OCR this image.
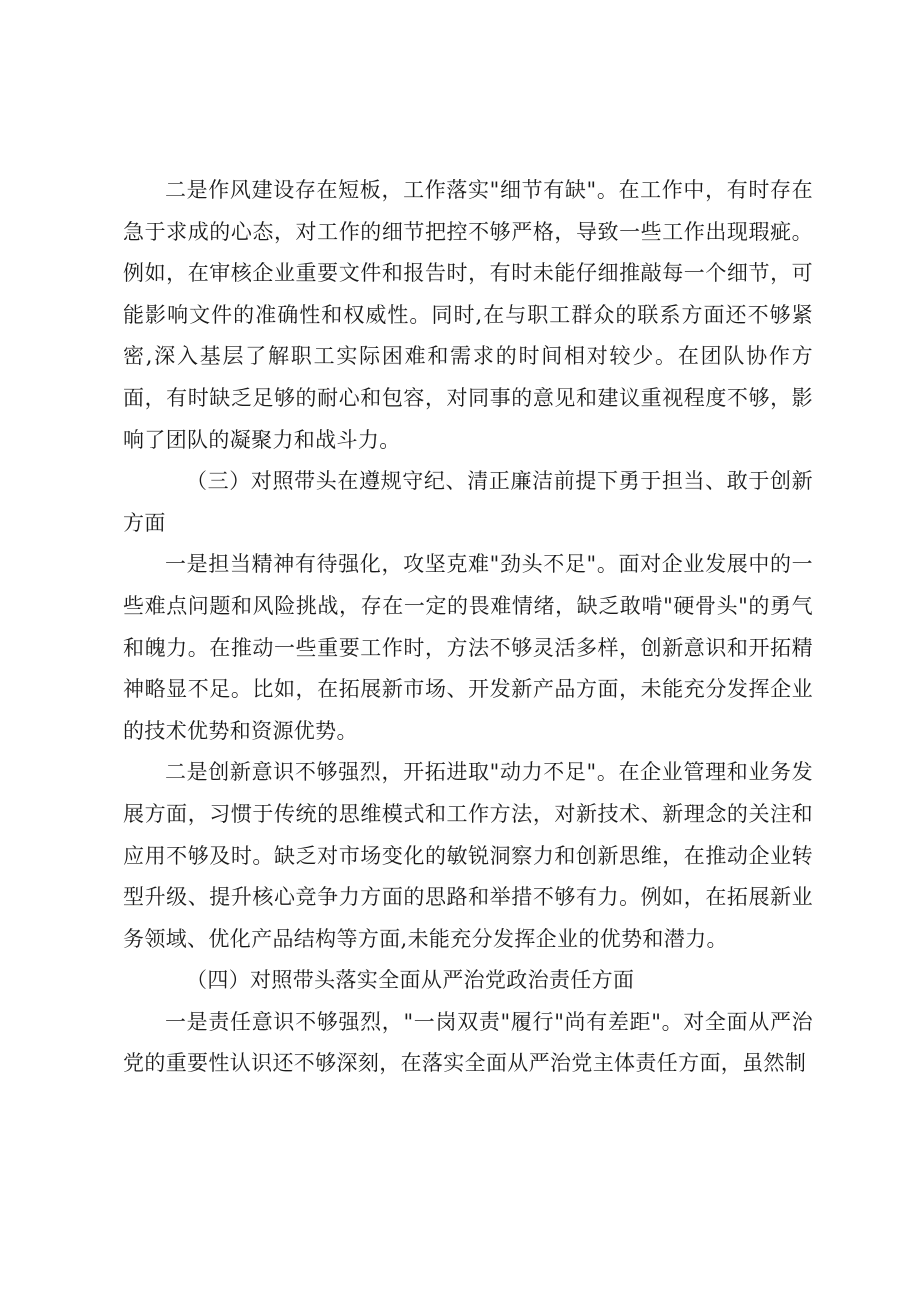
二是作风建设存在短板，工作落实"细节有缺"。在工作中，有时存在急于求成的心态，对工作的细节把控不够严格，导致一些工作出现瑕疵。例如，在审核企业重要文件和报告时，有时未能仔细推敲每一个细节，可能影响文件的准确性和权威性。同时,在与职工群众的联系方面还不够紧密,深入基层了解职工实际困难和需求的时间相对较少。在团队协作方面，有时缺乏足够的耐心和包容，对同事的意见和建议重视程度不够，影响了团队的凝聚力和战斗力。

（三）对照带头在遵规守纪、清正廉洁前提下勇于担当、敢于创新方面

一是担当精神有待强化，攻坚克难"劲头不足"。面对企业发展中的一些难点问题和风险挑战，存在一定的畏难情绪，缺乏敢啃"硬骨头"的勇气和魄力。在推动一些重要工作时，方法不够灵活多样，创新意识和开拓精神略显不足。比如，在拓展新市场、开发新产品方面，未能充分发挥企业的技术优势和资源优势。

二是创新意识不够强烈，开拓进取"动力不足"。在企业管理和业务发展方面，习惯于传统的思维模式和工作方法，对新技术、新理念的关注和应用不够及时。缺乏对市场变化的敏锐洞察力和创新思维，在推动企业转型升级、提升核心竞争力方面的思路和举措不够有力。例如，在拓展新业务领域、优化产品结构等方面,未能充分发挥企业的优势和潜力。

（四）对照带头落实全面从严治党政治责任方面

一是责任意识不够强烈，"一岗双责"履行"尚有差距"。对全面从严治党的重要性认识还不够深刻，在落实全面从严治党主体责任方面，虽然制
